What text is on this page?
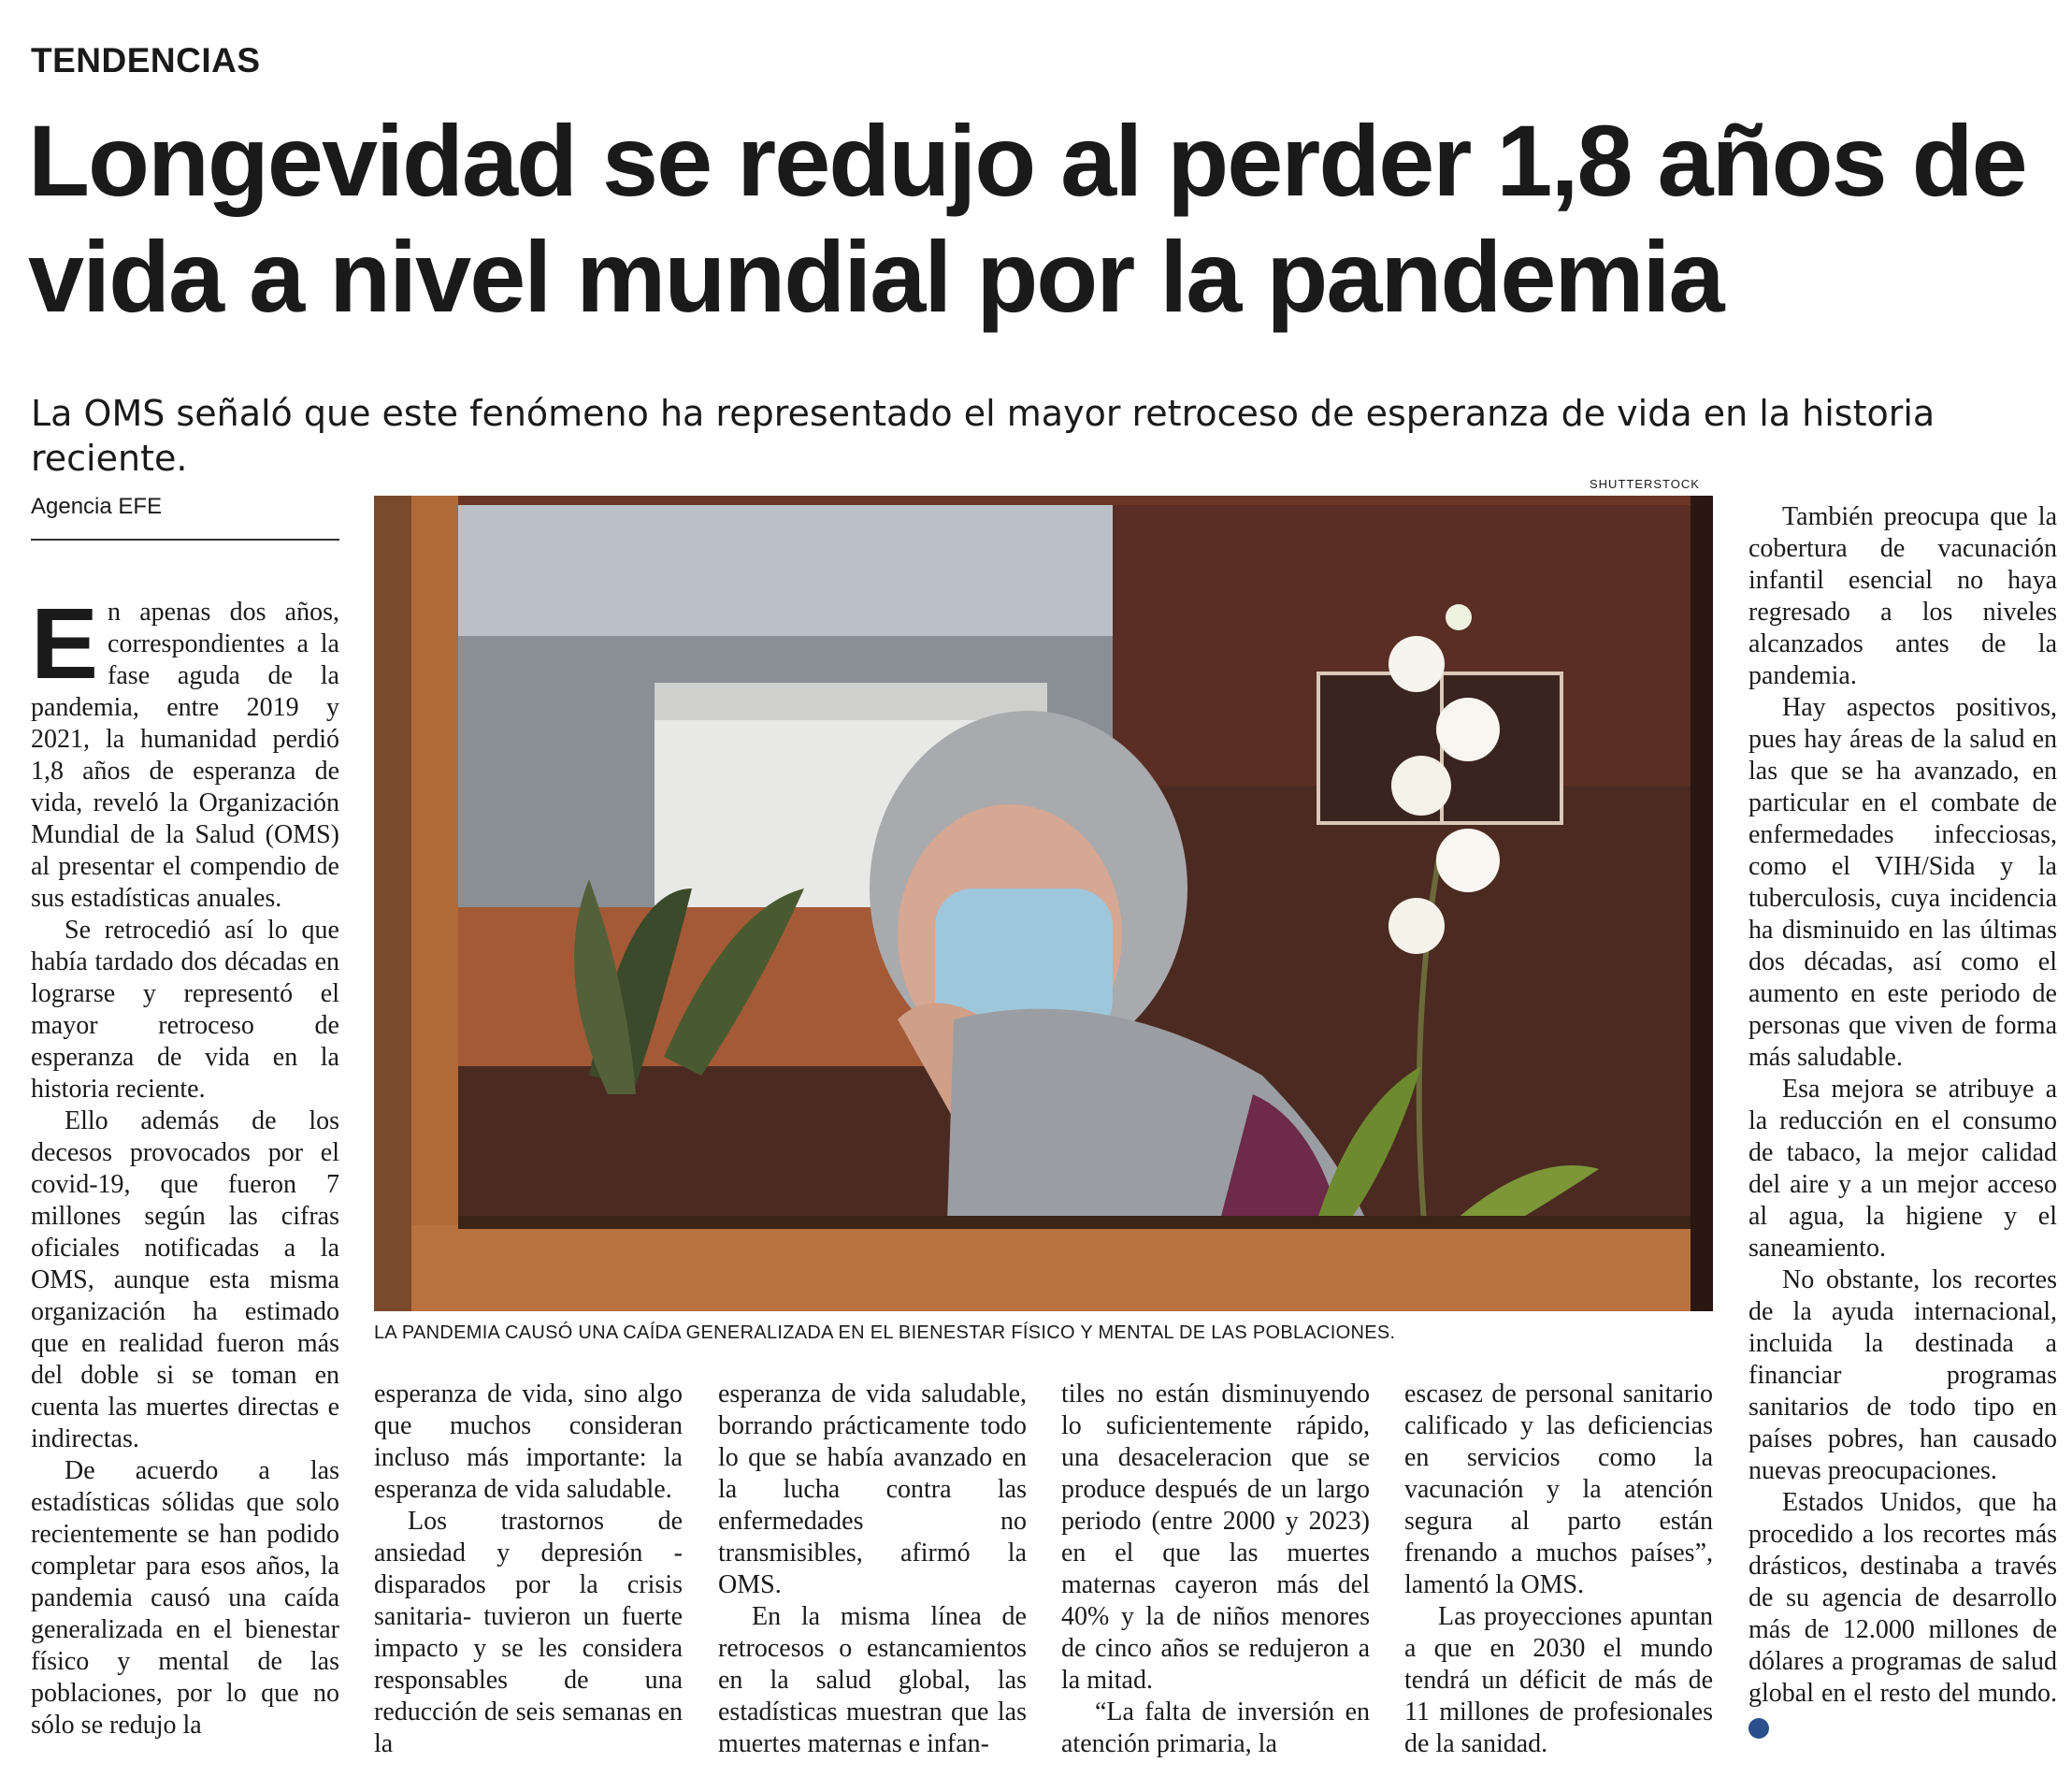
TENDENCIAS
Longevidad se redujo al perder 1,8 años de vida a nivel mundial por la pandemia
La OMS señaló que este fenómeno ha representado el mayor retroceso de esperanza de vida en la historia reciente.
Agencia EFE
SHUTTERSTOCK
LA PANDEMIA CAUSÓ UNA CAÍDA GENERALIZADA EN EL BIENESTAR FÍSICO Y MENTAL DE LAS POBLACIONES.
E n apenas dos años, correspondientes a la fase aguda de la pandemia, entre 2019 y 2021, la humanidad perdió 1,8 años de esperanza de vida, reveló la Organización Mundial de la Salud (OMS) al presentar el compendio de sus estadísticas anuales.

Se retrocedió así lo que había tardado dos décadas en lograrse y representó el mayor retroceso de esperanza de vida en la historia reciente.

Ello además de los decesos provocados por el covid-19, que fueron 7 millones según las cifras oficiales notificadas a la OMS, aunque esta misma organización ha estimado que en realidad fueron más del doble si se toman en cuenta las muertes directas e indirectas.

De acuerdo a las estadísticas sólidas que solo recientemente se han podido completar para esos años, la pandemia causó una caída generalizada en el bienestar físico y mental de las poblaciones, por lo que no sólo se redujo la

esperanza de vida, sino algo que muchos consideran incluso más importante: la esperanza de vida saludable.

Los trastornos de ansiedad y depresión -disparados por la crisis sanitaria- tuvieron un fuerte impacto y se les considera responsables de una reducción de seis semanas en la

esperanza de vida saludable, borrando prácticamente todo lo que se había avanzado en la lucha contra las enfermedades no transmisibles, afirmó la OMS.

En la misma línea de retrocesos o estancamientos en la salud global, las estadísticas muestran que las muertes maternas e infan-

tiles no están disminuyendo lo suficientemente rápido, una desaceleracion que se produce después de un largo periodo (entre 2000 y 2023) en el que las muertes maternas cayeron más del 40% y la de niños menores de cinco años se redujeron a la mitad.

“La falta de inversión en atención primaria, la

escasez de personal sanitario calificado y las deficiencias en servicios como la vacunación y la atención segura al parto están frenando a muchos países”, lamentó la OMS.

Las proyecciones apuntan a que en 2030 el mundo tendrá un déficit de más de 11 millones de profesionales de la sanidad.

También preocupa que la cobertura de vacunación infantil esencial no haya regresado a los niveles alcanzados antes de la pandemia.

Hay aspectos positivos, pues hay áreas de la salud en las que se ha avanzado, en particular en el combate de enfermedades infecciosas, como el VIH/Sida y la tuberculosis, cuya incidencia ha disminuido en las últimas dos décadas, así como el aumento en este periodo de personas que viven de forma más saludable.

Esa mejora se atribuye a la reducción en el consumo de tabaco, la mejor calidad del aire y a un mejor acceso al agua, la higiene y el saneamiento.

No obstante, los recortes de la ayuda internacional, incluida la destinada a financiar programas sanitarios de todo tipo en países pobres, han causado nuevas preocupaciones.

Estados Unidos, que ha procedido a los recortes más drásticos, destinaba a través de su agencia de desarrollo más de 12.000 millones de dólares a programas de salud global en el resto del mundo. ✪
